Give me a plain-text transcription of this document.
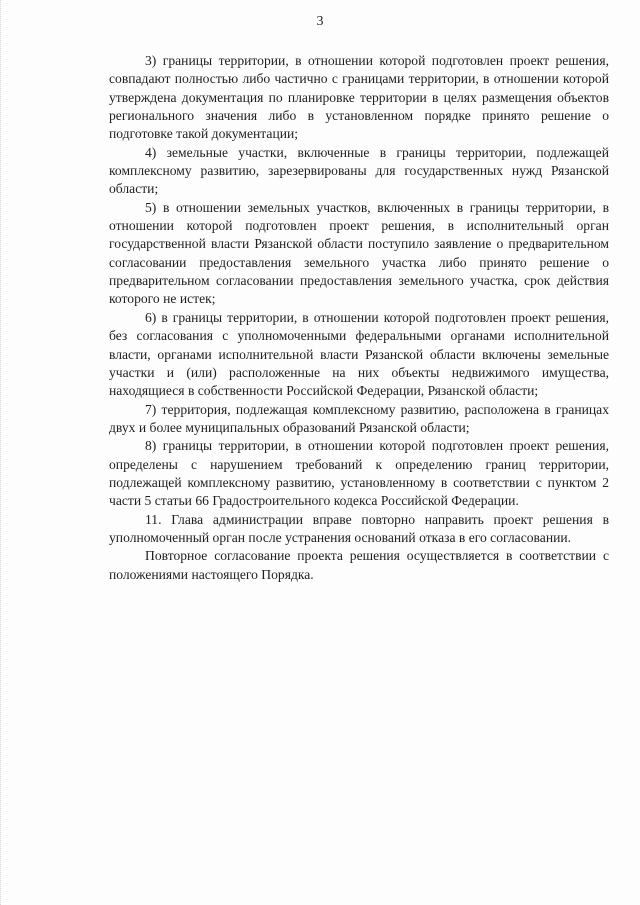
3

3) границы территории, в отношении которой подготовлен проект решения, совпадают полностью либо частично с границами территории, в отношении которой утверждена документация по планировке территории в целях размещения объектов регионального значения либо в установленном порядке принято решение о подготовке такой документации;

4) земельные участки, включенные в границы территории, подлежащей комплексному развитию, зарезервированы для государственных нужд Рязанской области;

5) в отношении земельных участков, включенных в границы территории, в отношении которой подготовлен проект решения, в исполнительный орган государственной власти Рязанской области поступило заявление о предварительном согласовании предоставления земельного участка либо принято решение о предварительном согласовании предоставления земельного участка, срок действия которого не истек;

6) в границы территории, в отношении которой подготовлен проект решения, без согласования с уполномоченными федеральными органами исполнительной власти, органами исполнительной власти Рязанской области включены земельные участки и (или) расположенные на них объекты недвижимого имущества, находящиеся в собственности Российской Федерации, Рязанской области;

7) территория, подлежащая комплексному развитию, расположена в границах двух и более муниципальных образований Рязанской области;

8) границы территории, в отношении которой подготовлен проект решения, определены с нарушением требований к определению границ территории, подлежащей комплексному развитию, установленному в соответствии с пунктом 2 части 5 статьи 66 Градостроительного кодекса Российской Федерации.

11. Глава администрации вправе повторно направить проект решения в уполномоченный орган после устранения оснований отказа в его согласовании.

Повторное согласование проекта решения осуществляется в соответствии с положениями настоящего Порядка.
